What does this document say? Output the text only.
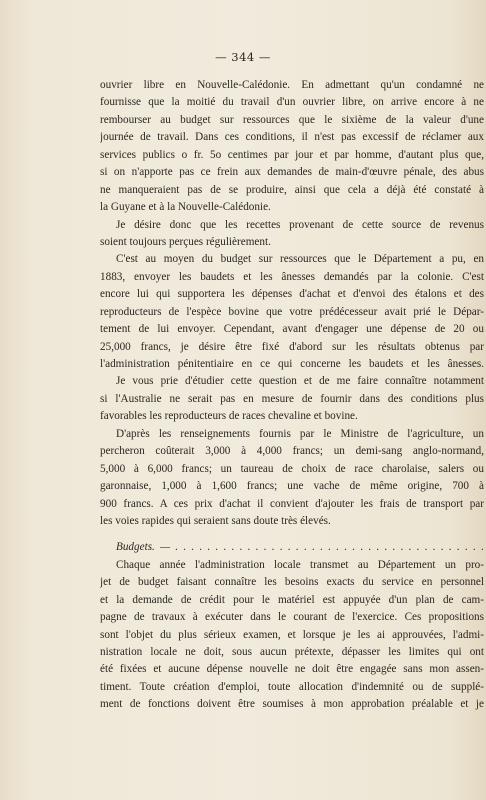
— 344 —
ouvrier libre en Nouvelle-Calédonie. En admettant qu'un condamné ne
fournisse que la moitié du travail d'un ouvrier libre, on arrive encore à ne
rembourser au budget sur ressources que le sixième de la valeur d'une
journée de travail. Dans ces conditions, il n'est pas excessif de réclamer aux
services publics o fr. 5o centimes par jour et par homme, d'autant plus que,
si on n'apporte pas ce frein aux demandes de main-d'œuvre pénale, des abus
ne manqueraient pas de se produire, ainsi que cela a déjà été constaté à
la Guyane et à la Nouvelle-Calédonie.
Je désire donc que les recettes provenant de cette source de revenus
soient toujours perçues régulièrement.
C'est au moyen du budget sur ressources que le Département a pu, en
1883, envoyer les baudets et les ânesses demandés par la colonie. C'est
encore lui qui supportera les dépenses d'achat et d'envoi des étalons et des
reproducteurs de l'espèce bovine que votre prédécesseur avait prié le Dépar-
tement de lui envoyer. Cependant, avant d'engager une dépense de 20 ou
25,000 francs, je désire être fixé d'abord sur les résultats obtenus par
l'administration pénitentiaire en ce qui concerne les baudets et les ânesses.
Je vous prie d'étudier cette question et de me faire connaître notamment
si l'Australie ne serait pas en mesure de fournir dans des conditions plus
favorables les reproducteurs de races chevaline et bovine.
D'après les renseignements fournis par le Ministre de l'agriculture, un
percheron coûterait 3,000 à 4,000 francs; un demi-sang anglo-normand,
5,000 à 6,000 francs; un taureau de choix de race charolaise, salers ou
garonnaise, 1,000 à 1,600 francs; une vache de même origine, 700 à
900 francs. A ces prix d'achat il convient d'ajouter les frais de transport par
les voies rapides qui seraient sans doute très élevés.
Budgets. — . . . . . . . . . . . . . . . . . . . . . . . . . . . . . . . . . . . . . . .
Chaque année l'administration locale transmet au Département un pro-
jet de budget faisant connaître les besoins exacts du service en personnel
et la demande de crédit pour le matériel est appuyée d'un plan de cam-
pagne de travaux à exécuter dans le courant de l'exercice. Ces propositions
sont l'objet du plus sérieux examen, et lorsque je les ai approuvées, l'admi-
nistration locale ne doit, sous aucun prétexte, dépasser les limites qui ont
été fixées et aucune dépense nouvelle ne doit être engagée sans mon assen-
timent. Toute création d'emploi, toute allocation d'indemnité ou de supplé-
ment de fonctions doivent être soumises à mon approbation préalable et je
